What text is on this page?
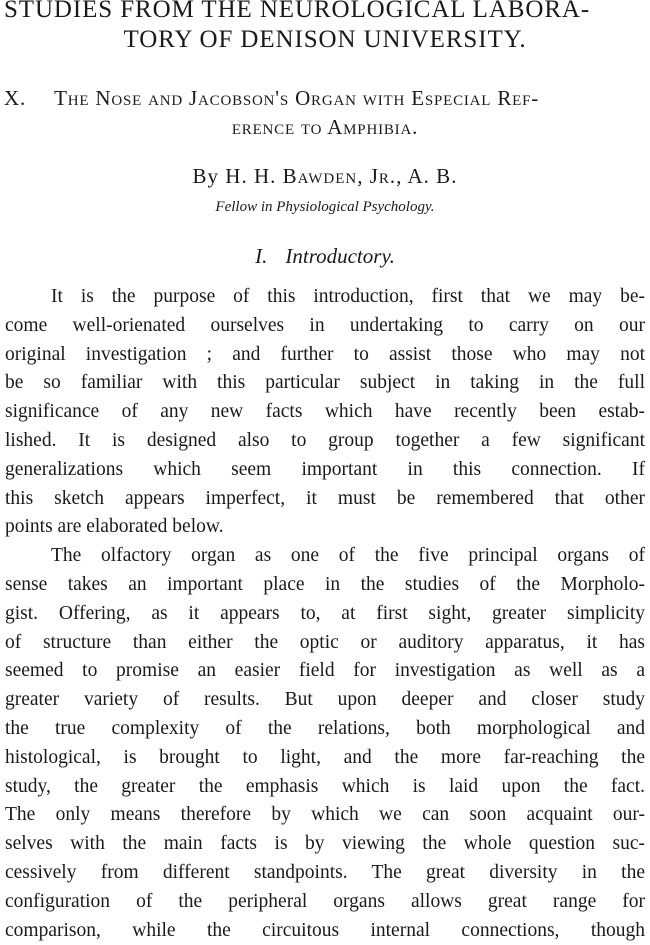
STUDIES FROM THE NEUROLOGICAL LABORA-
TORY OF DENISON UNIVERSITY.
X. The Nose and Jacobson's Organ with Especial Ref-
erence to Amphibia.
By H. H. Bawden, Jr., A. B.
Fellow in Physiological Psychology.
I. Introductory.
It is the purpose of this introduction, first that we may be-
come well-orienated ourselves in undertaking to carry on our
original investigation ; and further to assist those who may not
be so familiar with this particular subject in taking in the full
significance of any new facts which have recently been estab-
lished. It is designed also to group together a few significant
generalizations which seem important in this connection. If
this sketch appears imperfect, it must be remembered that other
points are elaborated below.
The olfactory organ as one of the five principal organs of
sense takes an important place in the studies of the Morpholo-
gist. Offering, as it appears to, at first sight, greater simplicity
of structure than either the optic or auditory apparatus, it has
seemed to promise an easier field for investigation as well as a
greater variety of results. But upon deeper and closer study
the true complexity of the relations, both morphological and
histological, is brought to light, and the more far-reaching the
study, the greater the emphasis which is laid upon the fact.
The only means therefore by which we can soon acquaint our-
selves with the main facts is by viewing the whole question suc-
cessively from different standpoints. The great diversity in the
configuration of the peripheral organs allows great range for
comparison, while the circuitous internal connections, though
